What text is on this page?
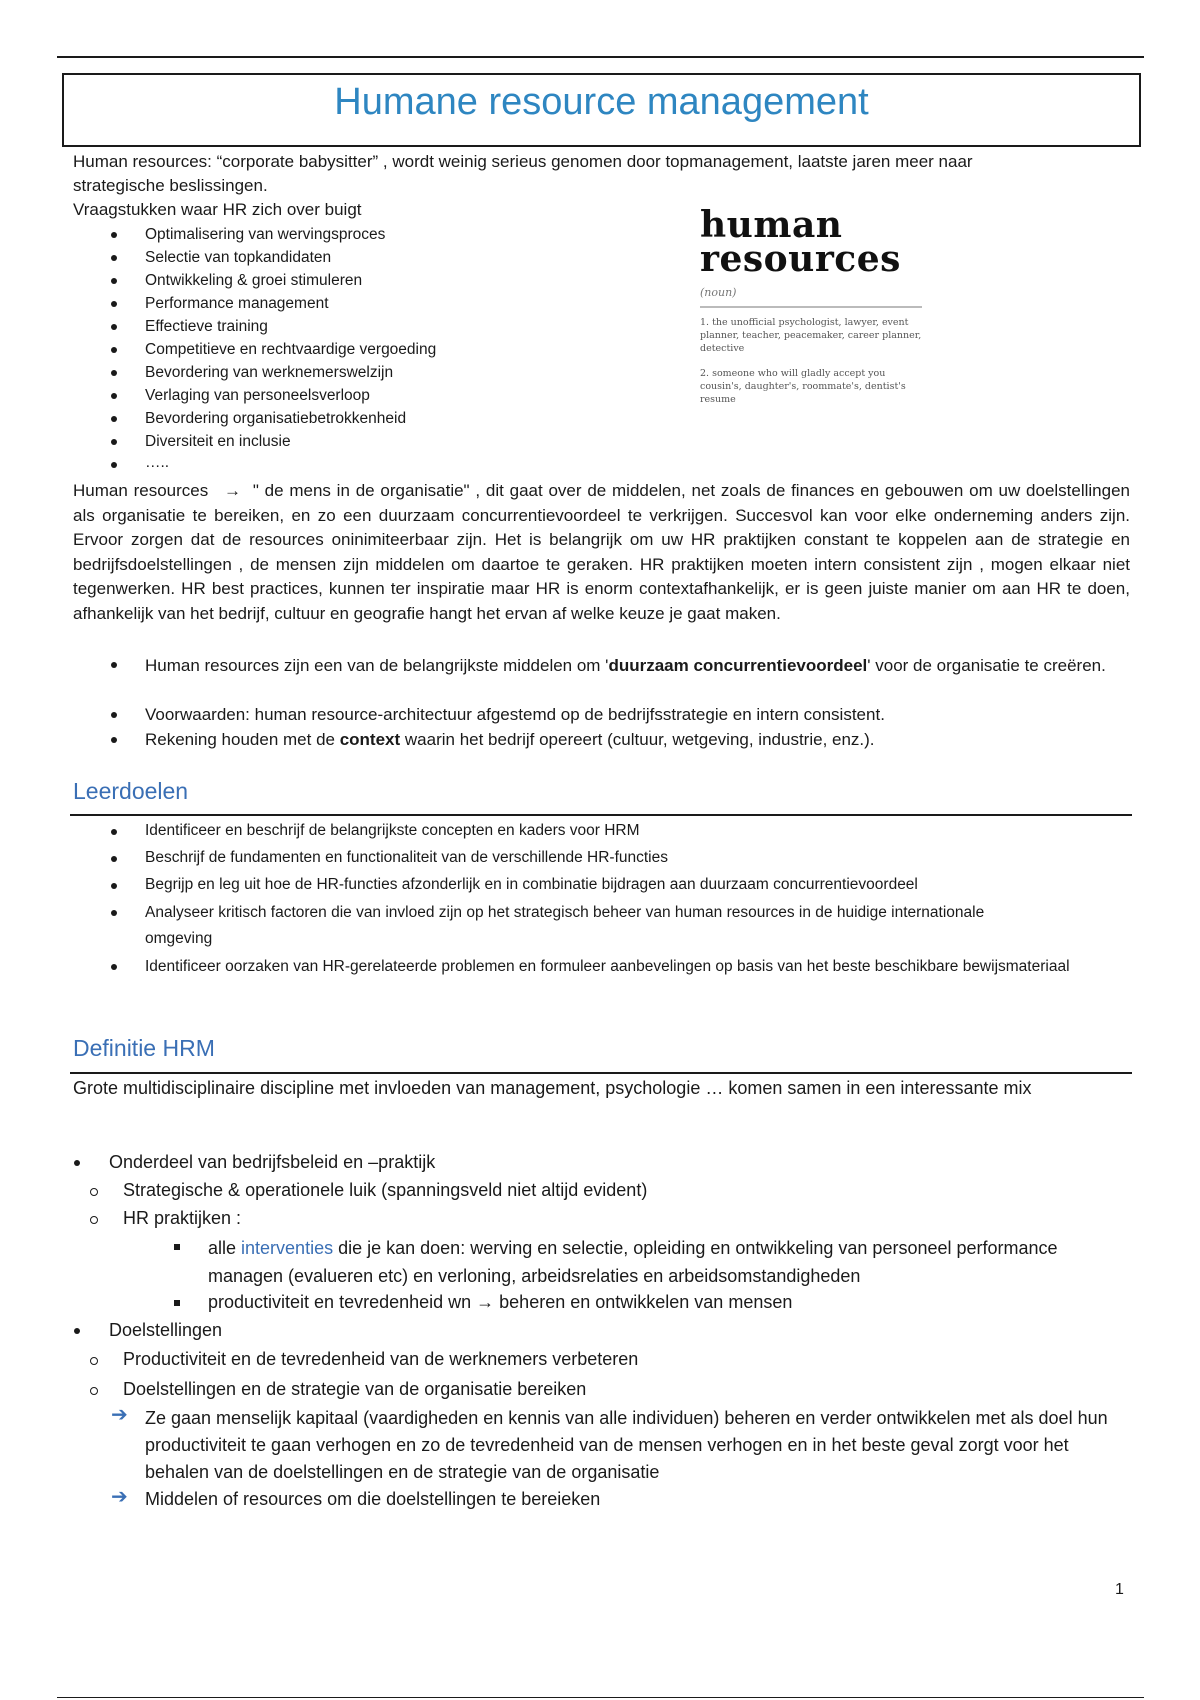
Humane resource management
Human resources: “corporate babysitter” , wordt weinig serieus genomen door topmanagement, laatste jaren meer naar
strategische beslissingen.
Vraagstukken waar HR zich over buigt
Optimalisering van wervingsproces
Selectie van topkandidaten
Ontwikkeling & groei stimuleren
Performance management
Effectieve training
Competitieve en rechtvaardige vergoeding
Bevordering van werknemerswelzijn
Verlaging van personeelsverloop
Bevordering organisatiebetrokkenheid
Diversiteit en inclusie
…..
human
resources
(noun)
1. the unofficial psychologist, lawyer, event planner, teacher, peacemaker, career planner, detective
2. someone who will gladly accept you cousin's, daughter's, roommate's, dentist's resume
Human resources → " de mens in de organisatie" , dit gaat over de middelen, net zoals de finances en gebouwen om uw doelstellingen als organisatie te bereiken, en zo een duurzaam concurrentievoordeel te verkrijgen. Succesvol kan voor elke onderneming anders zijn. Ervoor zorgen dat de resources oninimiteerbaar zijn. Het is belangrijk om uw HR praktijken constant te koppelen aan de strategie en bedrijfsdoelstellingen , de mensen zijn middelen om daartoe te geraken. HR praktijken moeten intern consistent zijn , mogen elkaar niet tegenwerken. HR best practices, kunnen ter inspiratie maar HR is enorm contextafhankelijk, er is geen juiste manier om aan HR te doen, afhankelijk van het bedrijf, cultuur en geografie hangt het ervan af welke keuze je gaat maken.
Human resources zijn een van de belangrijkste middelen om 'duurzaam concurrentievoordeel' voor de organisatie te creëren.
Voorwaarden: human resource-architectuur afgestemd op de bedrijfsstrategie en intern consistent.
Rekening houden met de context waarin het bedrijf opereert (cultuur, wetgeving, industrie, enz.).
Leerdoelen
Identificeer en beschrijf de belangrijkste concepten en kaders voor HRM
Beschrijf de fundamenten en functionaliteit van de verschillende HR-functies
Begrijp en leg uit hoe de HR-functies afzonderlijk en in combinatie bijdragen aan duurzaam concurrentievoordeel
Analyseer kritisch factoren die van invloed zijn op het strategisch beheer van human resources in de huidige internationale omgeving
Identificeer oorzaken van HR-gerelateerde problemen en formuleer aanbevelingen op basis van het beste beschikbare bewijsmateriaal
Definitie HRM
Grote multidisciplinaire discipline met invloeden van management, psychologie … komen samen in een interessante mix
Onderdeel van bedrijfsbeleid en –praktijk
Strategische & operationele luik (spanningsveld niet altijd evident)
HR praktijken :
alle interventies die je kan doen: werving en selectie, opleiding en ontwikkeling van personeel performance managen (evalueren etc) en verloning, arbeidsrelaties en arbeidsomstandigheden
productiviteit en tevredenheid wn → beheren en ontwikkelen van mensen
Doelstellingen
Productiviteit en de tevredenheid van de werknemers verbeteren
Doelstellingen en de strategie van de organisatie bereiken
➔ Ze gaan menselijk kapitaal (vaardigheden en kennis van alle individuen) beheren en verder ontwikkelen met als doel hun productiviteit te gaan verhogen en zo de tevredenheid van de mensen verhogen en in het beste geval zorgt voor het behalen van de doelstellingen en de strategie van de organisatie
➔ Middelen of resources om die doelstellingen te bereieken
1
